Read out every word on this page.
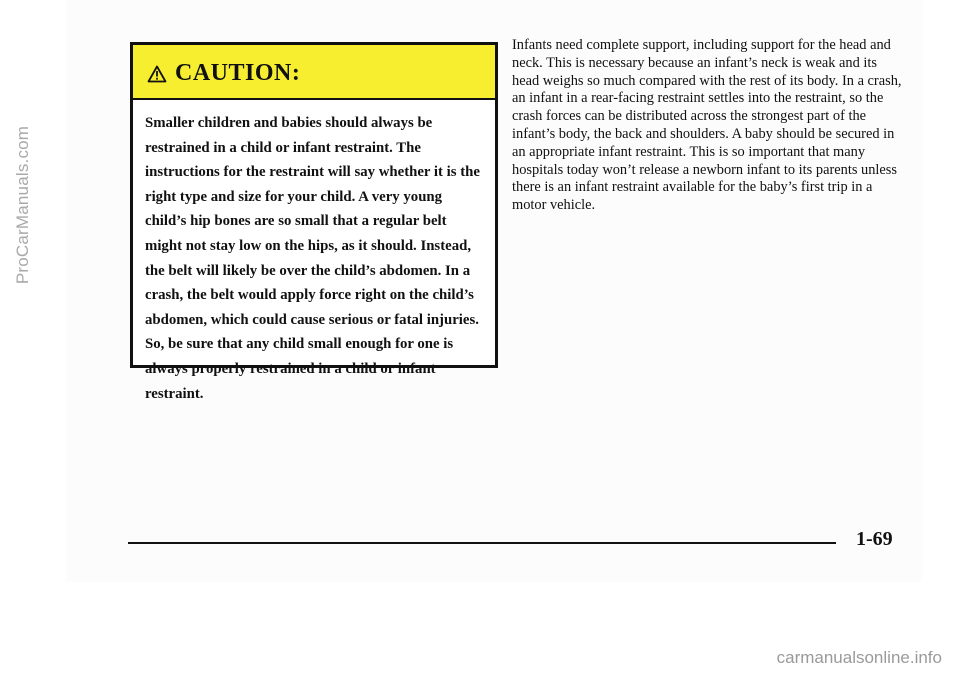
ProCarManuals.com
CAUTION:
Smaller children and babies should always be restrained in a child or infant restraint. The instructions for the restraint will say whether it is the right type and size for your child. A very young child’s hip bones are so small that a regular belt might not stay low on the hips, as it should. Instead, the belt will likely be over the child’s abdomen. In a crash, the belt would apply force right on the child’s abdomen, which could cause serious or fatal injuries. So, be sure that any child small enough for one is always properly restrained in a child or infant restraint.
Infants need complete support, including support for the head and neck. This is necessary because an infant’s neck is weak and its head weighs so much compared with the rest of its body. In a crash, an infant in a rear-facing restraint settles into the restraint, so the crash forces can be distributed across the strongest part of the infant’s body, the back and shoulders. A baby should be secured in an appropriate infant restraint. This is so important that many hospitals today won’t release a newborn infant to its parents unless there is an infant restraint available for the baby’s first trip in a motor vehicle.
1-69
carmanualsonline.info
